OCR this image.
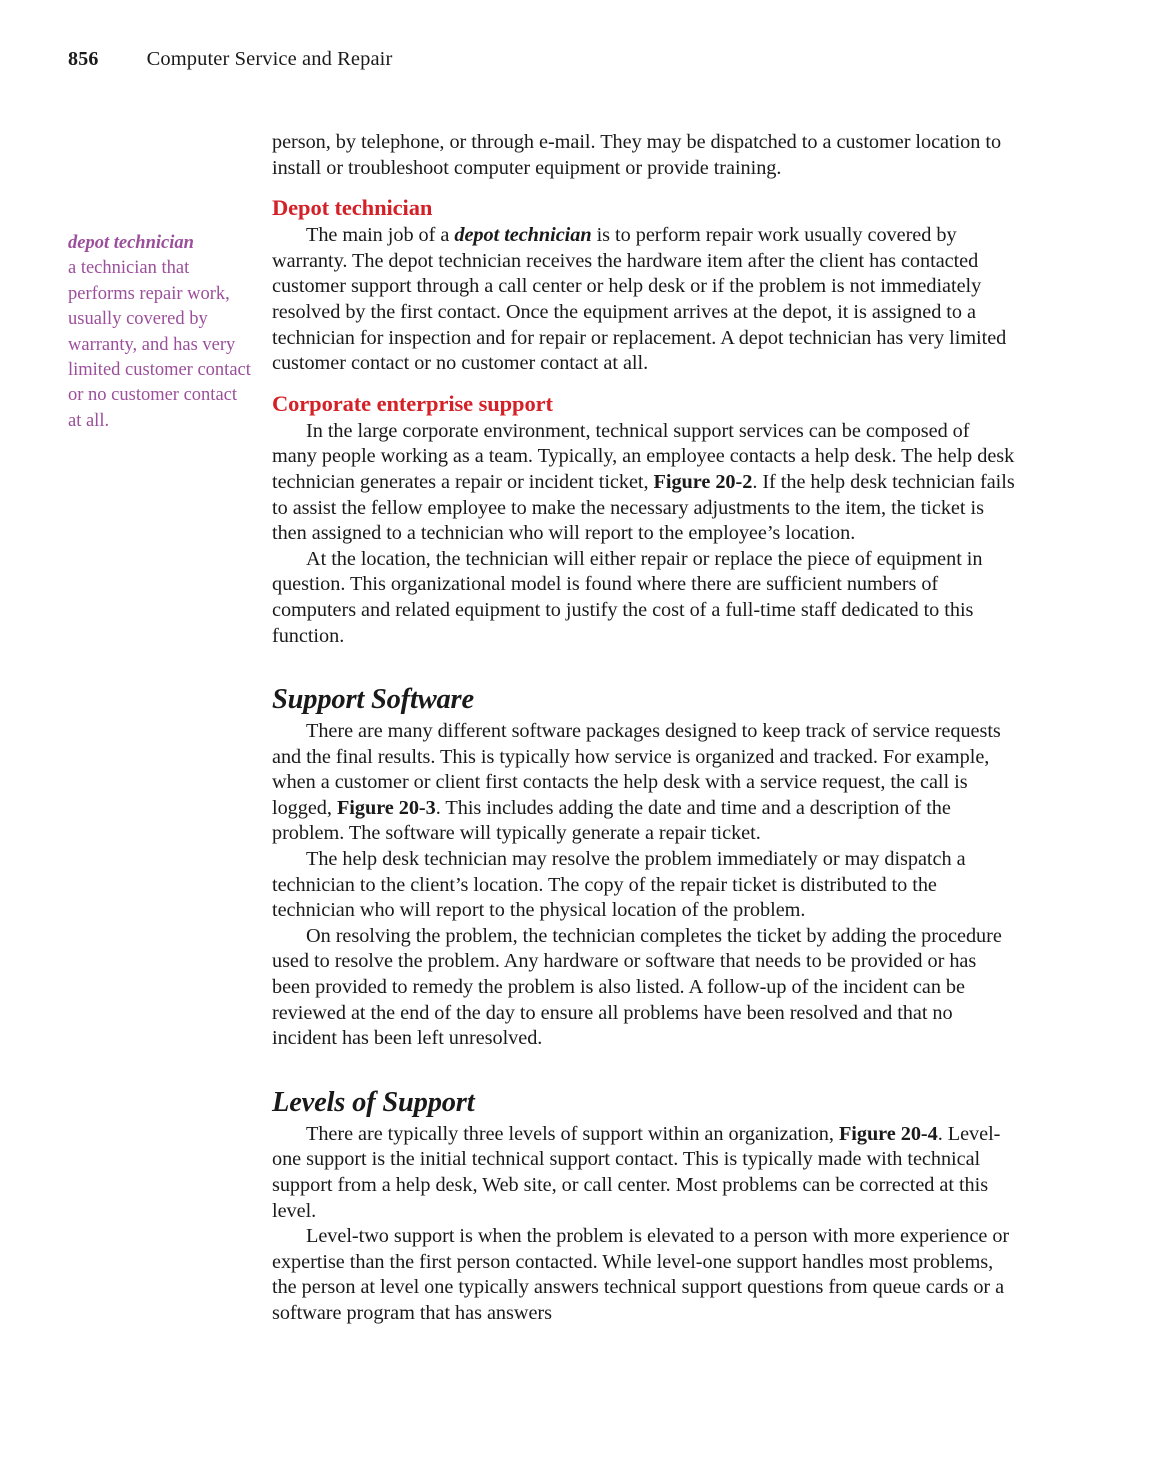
856 Computer Service and Repair
depot technician
a technician that performs repair work, usually covered by warranty, and has very limited customer contact or no customer contact at all.

person, by telephone, or through e-mail. They may be dispatched to a customer location to install or troubleshoot computer equipment or provide training.

Depot technician

The main job of a depot technician is to perform repair work usually covered by warranty. The depot technician receives the hardware item after the client has contacted customer support through a call center or help desk or if the problem is not immediately resolved by the first contact. Once the equipment arrives at the depot, it is assigned to a technician for inspection and for repair or replacement. A depot technician has very limited customer contact or no customer contact at all.

Corporate enterprise support

In the large corporate environment, technical support services can be composed of many people working as a team. Typically, an employee contacts a help desk. The help desk technician generates a repair or incident ticket, Figure 20-2. If the help desk technician fails to assist the fellow employee to make the necessary adjustments to the item, the ticket is then assigned to a technician who will report to the employee’s location.

At the location, the technician will either repair or replace the piece of equipment in question. This organizational model is found where there are sufficient numbers of computers and related equipment to justify the cost of a full-time staff dedicated to this function.

Support Software

There are many different software packages designed to keep track of service requests and the final results. This is typically how service is organized and tracked. For example, when a customer or client first contacts the help desk with a service request, the call is logged, Figure 20-3. This includes adding the date and time and a description of the problem. The software will typically generate a repair ticket.

The help desk technician may resolve the problem immediately or may dispatch a technician to the client’s location. The copy of the repair ticket is distributed to the technician who will report to the physical location of the problem.

On resolving the problem, the technician completes the ticket by adding the procedure used to resolve the problem. Any hardware or software that needs to be provided or has been provided to remedy the problem is also listed. A follow-up of the incident can be reviewed at the end of the day to ensure all problems have been resolved and that no incident has been left unresolved.

Levels of Support

There are typically three levels of support within an organization, Figure 20-4. Level-one support is the initial technical support contact. This is typically made with technical support from a help desk, Web site, or call center. Most problems can be corrected at this level.

Level-two support is when the problem is elevated to a person with more experience or expertise than the first person contacted. While level-one support handles most problems, the person at level one typically answers technical support questions from queue cards or a software program that has answers
